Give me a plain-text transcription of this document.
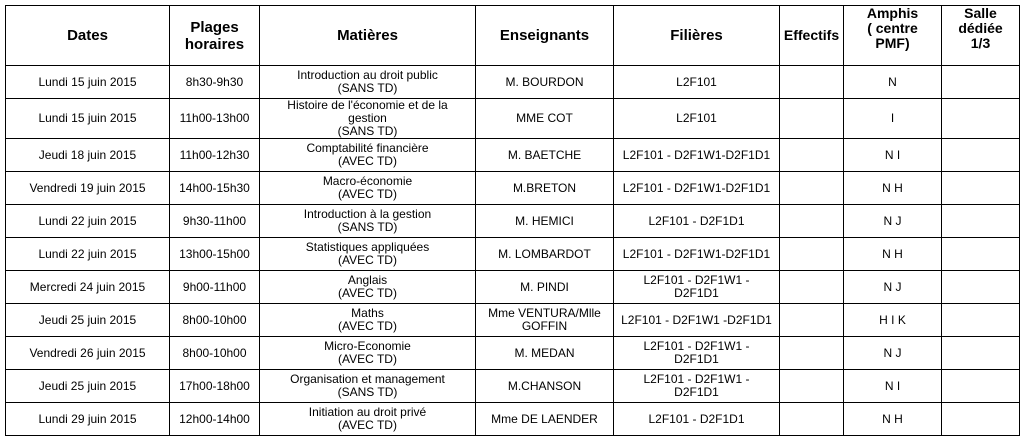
Dates	Plages
horaires	Matières	Enseignants	Filières	Effectifs	Amphis
( centre
PMF)	Salle
dédiée
1/3
Lundi 15 juin 2015	8h30-9h30	Introduction au droit public
(SANS TD)	M. BOURDON	L2F101		N	
Lundi 15 juin 2015	11h00-13h00	Histoire de l'économie et de la gestion
(SANS TD)	MME COT	L2F101		I	
Jeudi 18 juin 2015	11h00-12h30	Comptabilité financière
(AVEC TD)	M. BAETCHE	L2F101 - D2F1W1-D2F1D1		N I	
Vendredi 19 juin 2015	14h00-15h30	Macro-économie
(AVEC TD)	M.BRETON	L2F101 - D2F1W1-D2F1D1		N H	
Lundi 22 juin 2015	9h30-11h00	Introduction à la gestion
(SANS TD)	M. HEMICI	L2F101 - D2F1D1		N J	
Lundi 22 juin 2015	13h00-15h00	Statistiques appliquées
(AVEC TD)	M. LOMBARDOT	L2F101 - D2F1W1-D2F1D1		N H	
Mercredi 24 juin 2015	9h00-11h00	Anglais
(AVEC TD)	M. PINDI	L2F101 - D2F1W1 -
D2F1D1		N J	
Jeudi 25 juin 2015	8h00-10h00	Maths
(AVEC TD)	Mme VENTURA/Mlle
GOFFIN	L2F101 - D2F1W1 -D2F1D1		H I K	
Vendredi 26 juin 2015	8h00-10h00	Micro-Economie
(AVEC TD)	M. MEDAN	L2F101 - D2F1W1 -
D2F1D1		N J	
Jeudi 25 juin 2015	17h00-18h00	Organisation et management
(SANS TD)	M.CHANSON	L2F101 - D2F1W1 -
D2F1D1		N I	
Lundi 29 juin 2015	12h00-14h00	Initiation au droit privé
(AVEC TD)	Mme DE LAENDER	L2F101 - D2F1D1		N H	
